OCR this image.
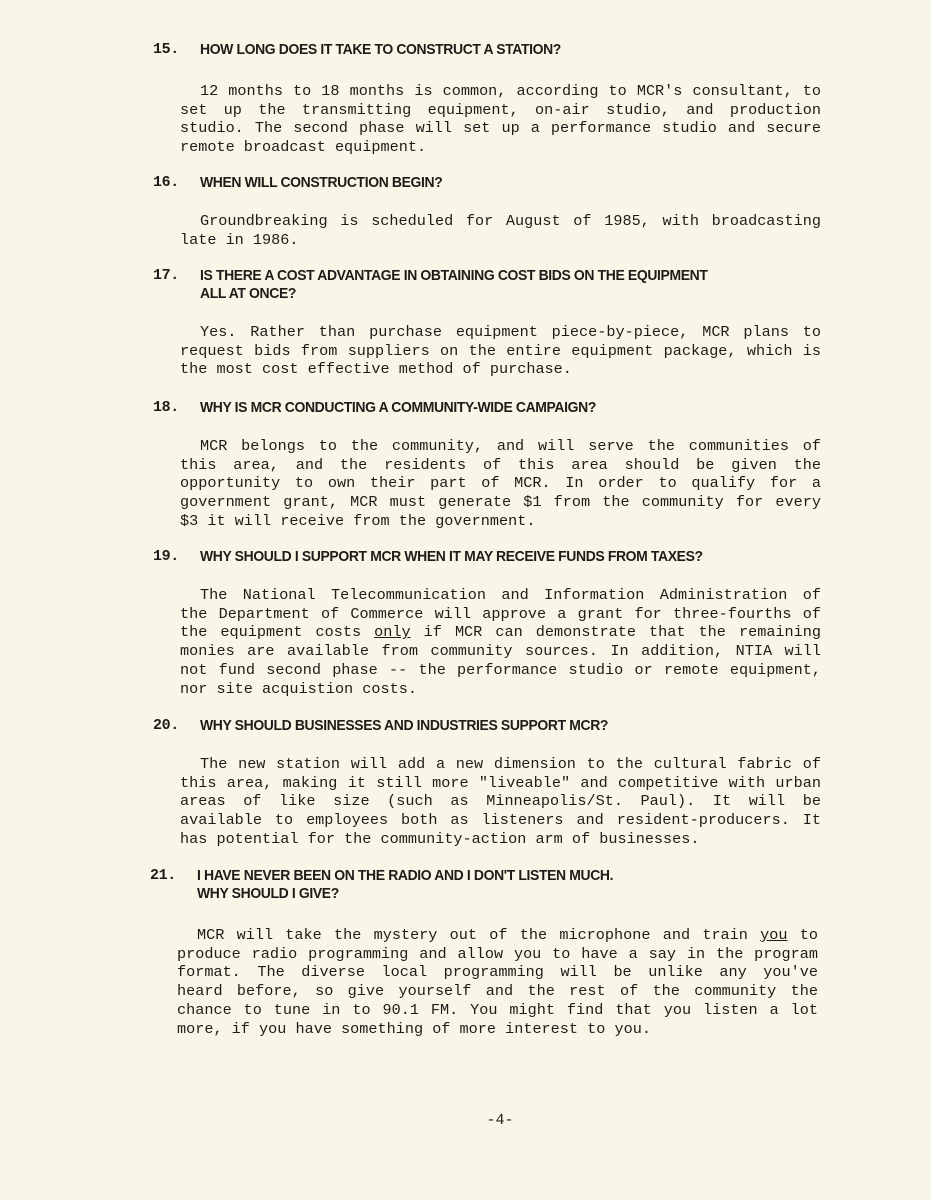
15. HOW LONG DOES IT TAKE TO CONSTRUCT A STATION?
12 months to 18 months is common, according to MCR's consultant, to
set up the transmitting equipment, on-air studio, and production
studio. The second phase will set up a performance studio and secure
remote broadcast equipment.
16. WHEN WILL CONSTRUCTION BEGIN?
Groundbreaking is scheduled for August of 1985, with broadcasting
late in 1986.
17. IS THERE A COST ADVANTAGE IN OBTAINING COST BIDS ON THE EQUIPMENT
ALL AT ONCE?
Yes. Rather than purchase equipment piece-by-piece, MCR plans to
request bids from suppliers on the entire equipment package, which is
the most cost effective method of purchase.
18. WHY IS MCR CONDUCTING A COMMUNITY-WIDE CAMPAIGN?
MCR belongs to the community, and will serve the communities of
this area, and the residents of this area should be given the
opportunity to own their part of MCR. In order to qualify for a
government grant, MCR must generate $1 from the community for every
$3 it will receive from the government.
19. WHY SHOULD I SUPPORT MCR WHEN IT MAY RECEIVE FUNDS FROM TAXES?
The National Telecommunication and Information Administration of
the Department of Commerce will approve a grant for three-fourths of
the equipment costs only if MCR can demonstrate that the remaining
monies are available from community sources. In addition, NTIA will
not fund second phase -- the performance studio or remote equipment,
nor site acquistion costs.
20. WHY SHOULD BUSINESSES AND INDUSTRIES SUPPORT MCR?
The new station will add a new dimension to the cultural fabric of
this area, making it still more "liveable" and competitive with urban
areas of like size (such as Minneapolis/St. Paul). It will be
available to employees both as listeners and resident-producers. It
has potential for the community-action arm of businesses.
21. I HAVE NEVER BEEN ON THE RADIO AND I DON'T LISTEN MUCH.
WHY SHOULD I GIVE?
MCR will take the mystery out of the microphone and train you to
produce radio programming and allow you to have a say in the program
format. The diverse local programming will be unlike any you've
heard before, so give yourself and the rest of the community the
chance to tune in to 90.1 FM. You might find that you listen a lot
more, if you have something of more interest to you.
-4-
